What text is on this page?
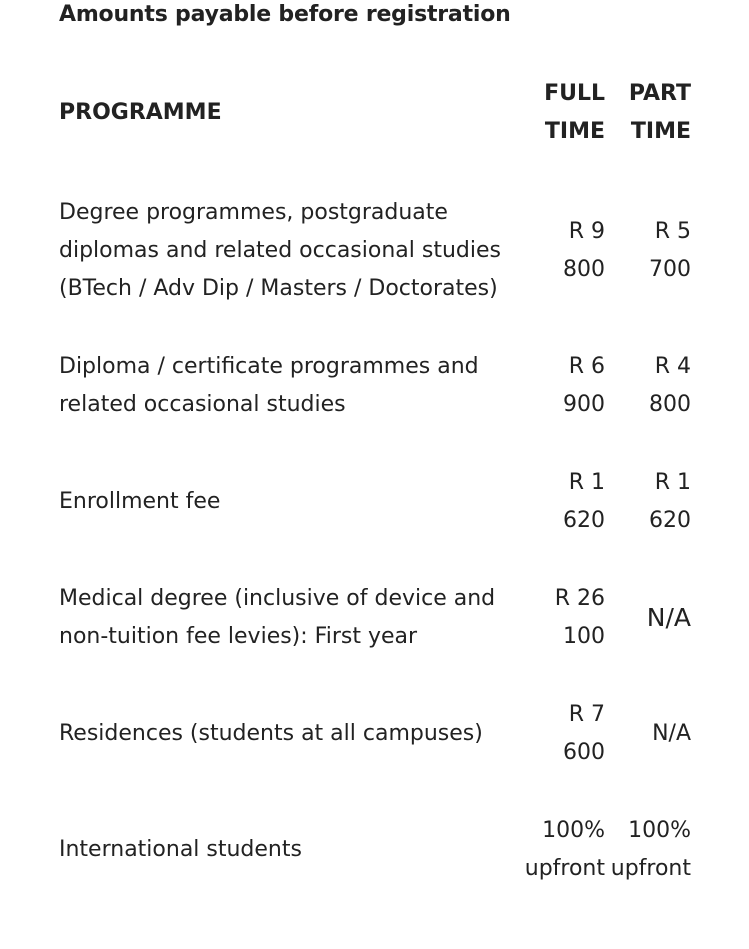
Amounts payable before registration
PROGRAMME	FULL TIME	PART TIME
Degree programmes, postgraduate diplomas and related occasional studies (BTech / Adv Dip / Masters / Doctorates)	R 9 800	R 5 700
Diploma / certificate programmes and related occasional studies	R 6 900	R 4 800
Enrollment fee	R 1 620	R 1 620
Medical degree (inclusive of device and non-tuition fee levies): First year	R 26 100	N/A
Residences (students at all campuses)	R 7 600	N/A
International students	100% upfront	100% upfront
